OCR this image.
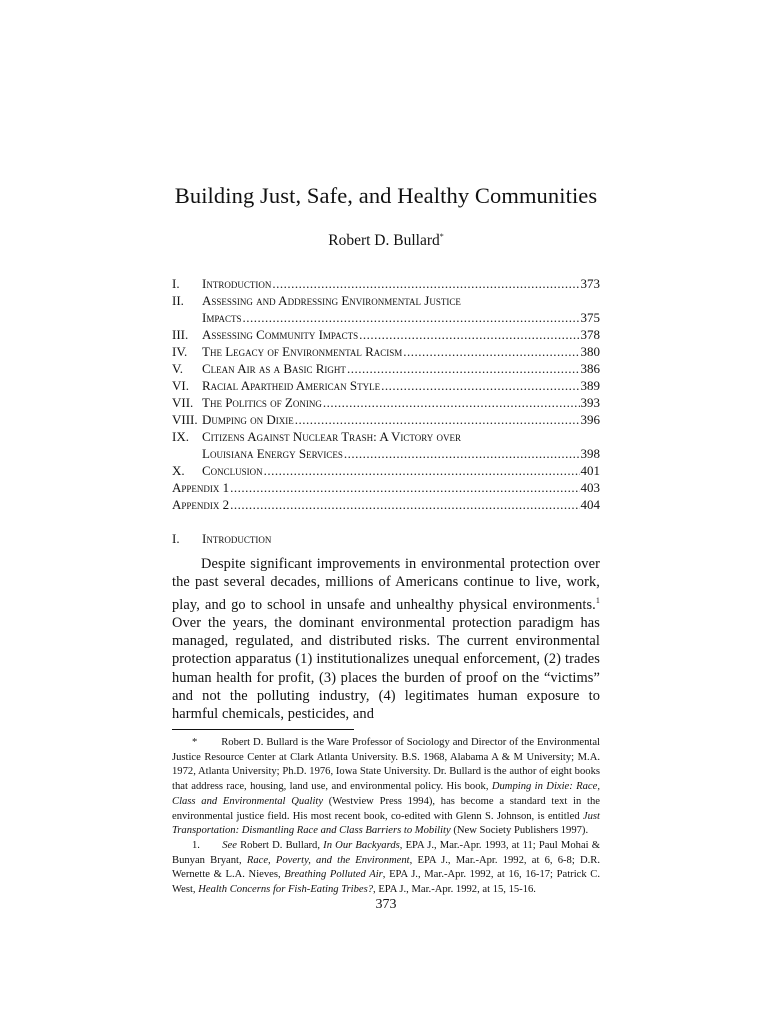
Building Just, Safe, and Healthy Communities
Robert D. Bullard*
I.	Introduction .....	373
II.	Assessing and Addressing Environmental Justice
Impacts .....	375
III.	Assessing Community Impacts .....	378
IV.	The Legacy of Environmental Racism .....	380
V.	Clean Air as a Basic Right .....	386
VI.	Racial Apartheid American Style .....	389
VII. The Politics of Zoning .....	393
VIII. Dumping on Dixie .....	396
IX.	Citizens Against Nuclear Trash: A Victory over
Louisiana Energy Services .....	398
X.	Conclusion .....	401
Appendix 1 .....	403
Appendix 2 .....	404
I.	Introduction

Despite significant improvements in environmental protection over the past several decades, millions of Americans continue to live, work, play, and go to school in unsafe and unhealthy physical environments.$^1$ Over the years, the dominant environmental protection paradigm has managed, regulated, and distributed risks. The current environmental protection apparatus (1) institutionalizes unequal enforcement, (2) trades human health for profit, (3) places the burden of proof on the “victims” and not the polluting industry, (4) legitimates human exposure to harmful chemicals, pesticides, and

* Robert D. Bullard is the Ware Professor of Sociology and Director of the Environmental Justice Resource Center at Clark Atlanta University. B.S. 1968, Alabama A & M University; M.A. 1972, Atlanta University; Ph.D. 1976, Iowa State University. Dr. Bullard is the author of eight books that address race, housing, land use, and environmental policy. His book, Dumping in Dixie: Race, Class and Environmental Quality (Westview Press 1994), has become a standard text in the environmental justice field. His most recent book, co-edited with Glenn S. Johnson, is entitled Just Transportation: Dismantling Race and Class Barriers to Mobility (New Society Publishers 1997).

1. See Robert D. Bullard, In Our Backyards, EPA J., Mar.-Apr. 1993, at 11; Paul Mohai & Bunyan Bryant, Race, Poverty, and the Environment, EPA J., Mar.-Apr. 1992, at 6, 6-8; D.R. Wernette & L.A. Nieves, Breathing Polluted Air, EPA J., Mar.-Apr. 1992, at 16, 16-17; Patrick C. West, Health Concerns for Fish-Eating Tribes?, EPA J., Mar.-Apr. 1992, at 15, 15-16.

373
